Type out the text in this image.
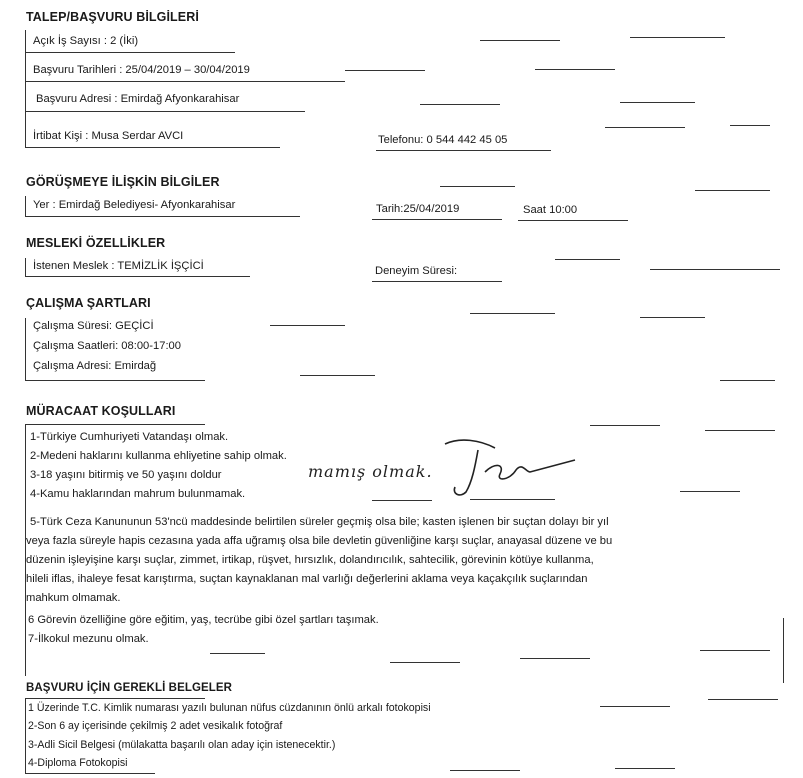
TALEP/BAŞVURU BİLGİLERİ
Açık İş Sayısı : 2 (İki)
Başvuru Tarihleri : 25/04/2019 – 30/04/2019
Başvuru Adresi : Emirdağ Afyonkarahisar
İrtibat Kişi : Musa Serdar AVCI	Telefonu: 0 544 442 45 05
GÖRÜŞMEYE İLİŞKİN BİLGİLER
Yer : Emirdağ Belediyesi- Afyonkarahisar	Tarih:25/04/2019	Saat 10:00
MESLEKİ ÖZELLİKLER
İstenen Meslek : TEMİZLİK İŞÇİCİ	Deneyim Süresi:
ÇALIŞMA ŞARTLARI
Çalışma Süresi: GEÇİCİ
Çalışma Saatleri: 08:00-17:00
Çalışma Adresi: Emirdağ
MÜRACAAT KOŞULLARI
1-Türkiye Cumhuriyeti Vatandaşı olmak.
2-Medeni haklarını kullanma ehliyetine sahip olmak.
3-18 yaşını bitirmiş ve 50 yaşını doldur
4-Kamu haklarından mahrum bulunmamak.
5-Türk Ceza Kanununun 53'ncü maddesinde belirtilen süreler geçmiş olsa bile; kasten işlenen bir suçtan dolayı bir yıl
veya fazla süreyle hapis cezasına yada affa uğramış olsa bile devletin güvenliğine karşı suçlar, anayasal düzene ve bu
düzenin işleyişine karşı suçlar, zimmet, irtikap, rüşvet, hırsızlık, dolandırıcılık, sahtecilik, görevinin kötüye kullanma,
hileli iflas, ihaleye fesat karıştırma, suçtan kaynaklanan mal varlığı değerlerini aklama veya kaçakçılık suçlarından
mahkum olmamak.
6 Görevin özelliğine göre eğitim, yaş, tecrübe gibi özel şartları taşımak.
7-İlkokul mezunu olmak.
mamış olmak.
BAŞVURU İÇİN GEREKLİ BELGELER
1 Üzerinde T.C. Kimlik numarası yazılı bulunan nüfus cüzdanının önlü arkalı fotokopisi
2-Son 6 ay içerisinde çekilmiş 2 adet vesikalık fotoğraf
3-Adli Sicil Belgesi (mülakatta başarılı olan aday için istenecektir.)
4-Diploma Fotokopisi
